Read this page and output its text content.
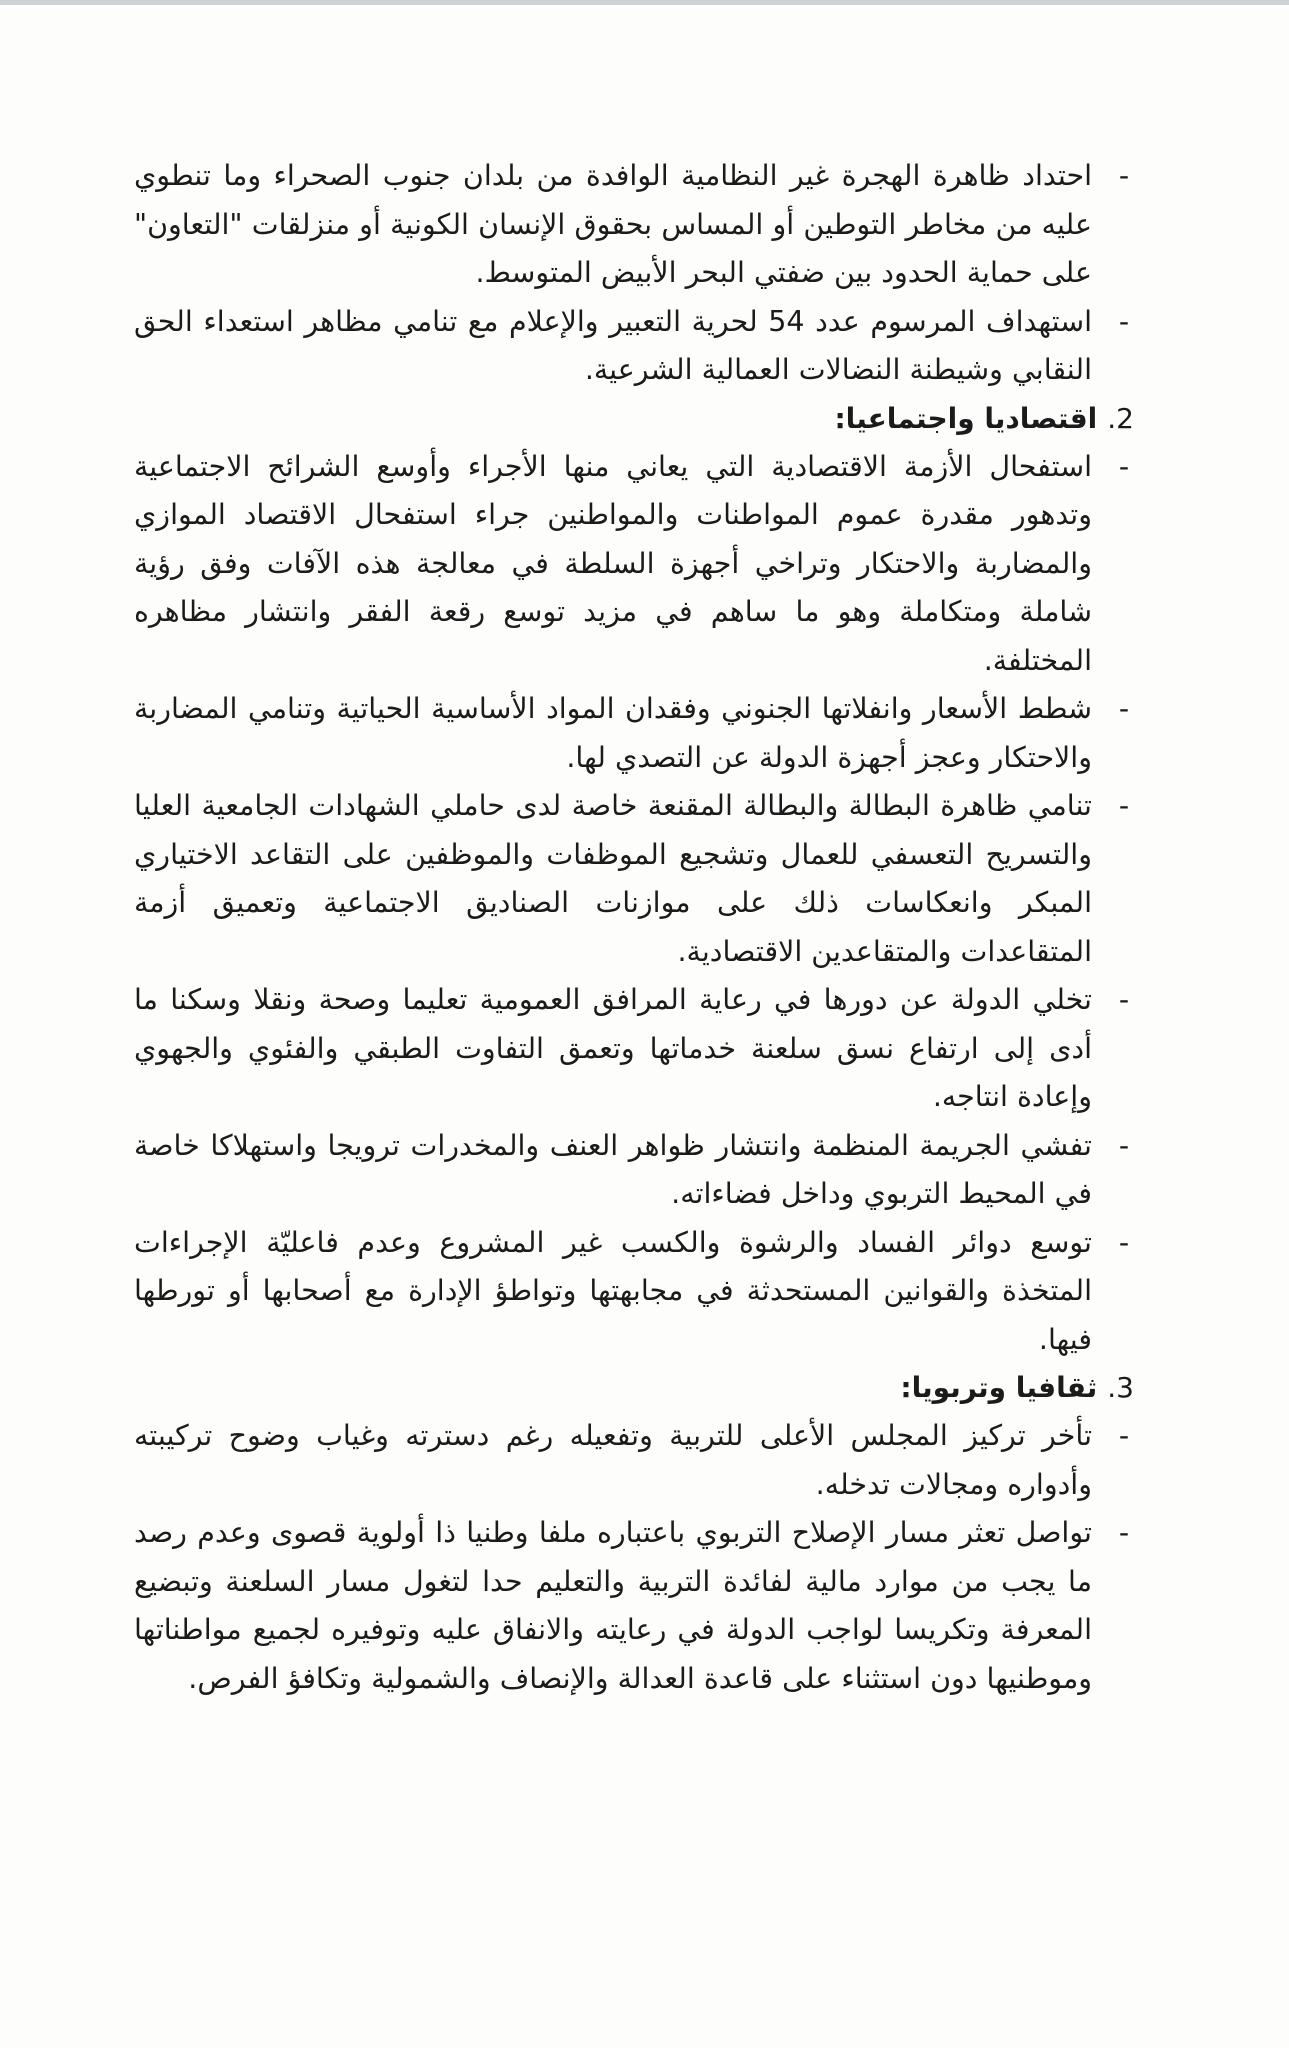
-
احتداد ظاهرة الهجرة غير النظامية الوافدة من بلدان جنوب الصحراء وما تنطوي عليه من مخاطر التوطين أو المساس بحقوق الإنسان الكونية أو منزلقات "التعاون" على حماية الحدود بين ضفتي البحر الأبيض المتوسط.

-
استهداف المرسوم عدد 54 لحرية التعبير والإعلام مع تنامي مظاهر استعداء الحق النقابي وشيطنة النضالات العمالية الشرعية.

2.اقتصاديا واجتماعيا:

-
استفحال الأزمة الاقتصادية التي يعاني منها الأجراء وأوسع الشرائح الاجتماعية وتدهور مقدرة عموم المواطنات والمواطنين جراء استفحال الاقتصاد الموازي والمضاربة والاحتكار وتراخي أجهزة السلطة في معالجة هذه الآفات وفق رؤية شاملة ومتكاملة وهو ما ساهم في مزيد توسع رقعة الفقر وانتشار مظاهره المختلفة.

-
شطط الأسعار وانفلاتها الجنوني وفقدان المواد الأساسية الحياتية وتنامي المضاربة والاحتكار وعجز أجهزة الدولة عن التصدي لها.

-
تنامي ظاهرة البطالة والبطالة المقنعة خاصة لدى حاملي الشهادات الجامعية العليا والتسريح التعسفي للعمال وتشجيع الموظفات والموظفين على التقاعد الاختياري المبكر وانعكاسات ذلك على موازنات الصناديق الاجتماعية وتعميق أزمة المتقاعدات والمتقاعدين الاقتصادية.

-
تخلي الدولة عن دورها في رعاية المرافق العمومية تعليما وصحة ونقلا وسكنا ما أدى إلى ارتفاع نسق سلعنة خدماتها وتعمق التفاوت الطبقي والفئوي والجهوي وإعادة انتاجه.

-
تفشي الجريمة المنظمة وانتشار ظواهر العنف والمخدرات ترويجا واستهلاكا خاصة في المحيط التربوي وداخل فضاءاته.

-
توسع دوائر الفساد والرشوة والكسب غير المشروع وعدم فاعليّة الإجراءات المتخذة والقوانين المستحدثة في مجابهتها وتواطؤ الإدارة مع أصحابها أو تورطها فيها.

3.ثقافيا وتربويا:

-
تأخر تركيز المجلس الأعلى للتربية وتفعيله رغم دسترته وغياب وضوح تركيبته وأدواره ومجالات تدخله.

-
تواصل تعثر مسار الإصلاح التربوي باعتباره ملفا وطنيا ذا أولوية قصوى وعدم رصد ما يجب من موارد مالية لفائدة التربية والتعليم حدا لتغول مسار السلعنة وتبضيع المعرفة وتكريسا لواجب الدولة في رعايته والانفاق عليه وتوفيره لجميع مواطناتها وموطنيها دون استثناء على قاعدة العدالة والإنصاف والشمولية وتكافؤ الفرص.
